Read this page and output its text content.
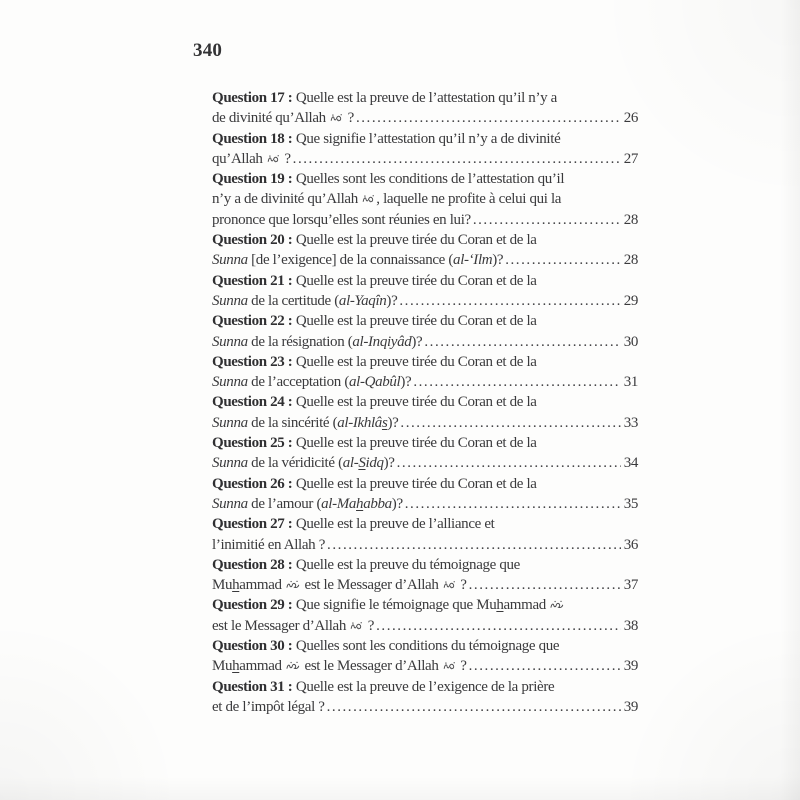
340
Question 17 : Quelle est la preuve de l’attestation qu’il n’y a
de divinité qu’Allah  ? .....	26
Question 18 : Que signifie l’attestation qu’il n’y a de divinité
qu’Allah  ? .....	27
Question 19 : Quelles sont les conditions de l’attestation qu’il
n’y a de divinité qu’Allah , laquelle ne profite à celui qui la
prononce que lorsqu’elles sont réunies en lui? .....	28
Question 20 : Quelle est la preuve tirée du Coran et de la
Sunna [de l’exigence] de la connaissance (al-‘Ilm)? .....	28
Question 21 : Quelle est la preuve tirée du Coran et de la
Sunna de la certitude (al-Yaqîn)? .....	29
Question 22 : Quelle est la preuve tirée du Coran et de la
Sunna de la résignation (al-Inqiyâd)? .....	30
Question 23 : Quelle est la preuve tirée du Coran et de la
Sunna de l’acceptation (al-Qabûl)? .....	31
Question 24 : Quelle est la preuve tirée du Coran et de la
Sunna de la sincérité (al-Ikhlâs)? .....	33
Question 25 : Quelle est la preuve tirée du Coran et de la
Sunna de la véridicité (al-Sidq)? .....	34
Question 26 : Quelle est la preuve tirée du Coran et de la
Sunna de l’amour (al-Mahabba)? .....	35
Question 27 : Quelle est la preuve de l’alliance et
l’inimitié en Allah ? .....	36
Question 28 : Quelle est la preuve du témoignage que
Muhammad  est le Messager d’Allah  ? .....	37
Question 29 : Que signifie le témoignage que Muhammad
est le Messager d’Allah  ? .....	38
Question 30 : Quelles sont les conditions du témoignage que
Muhammad  est le Messager d’Allah  ? .....	39
Question 31 : Quelle est la preuve de l’exigence de la prière
et de l’impôt légal ? .....	39
